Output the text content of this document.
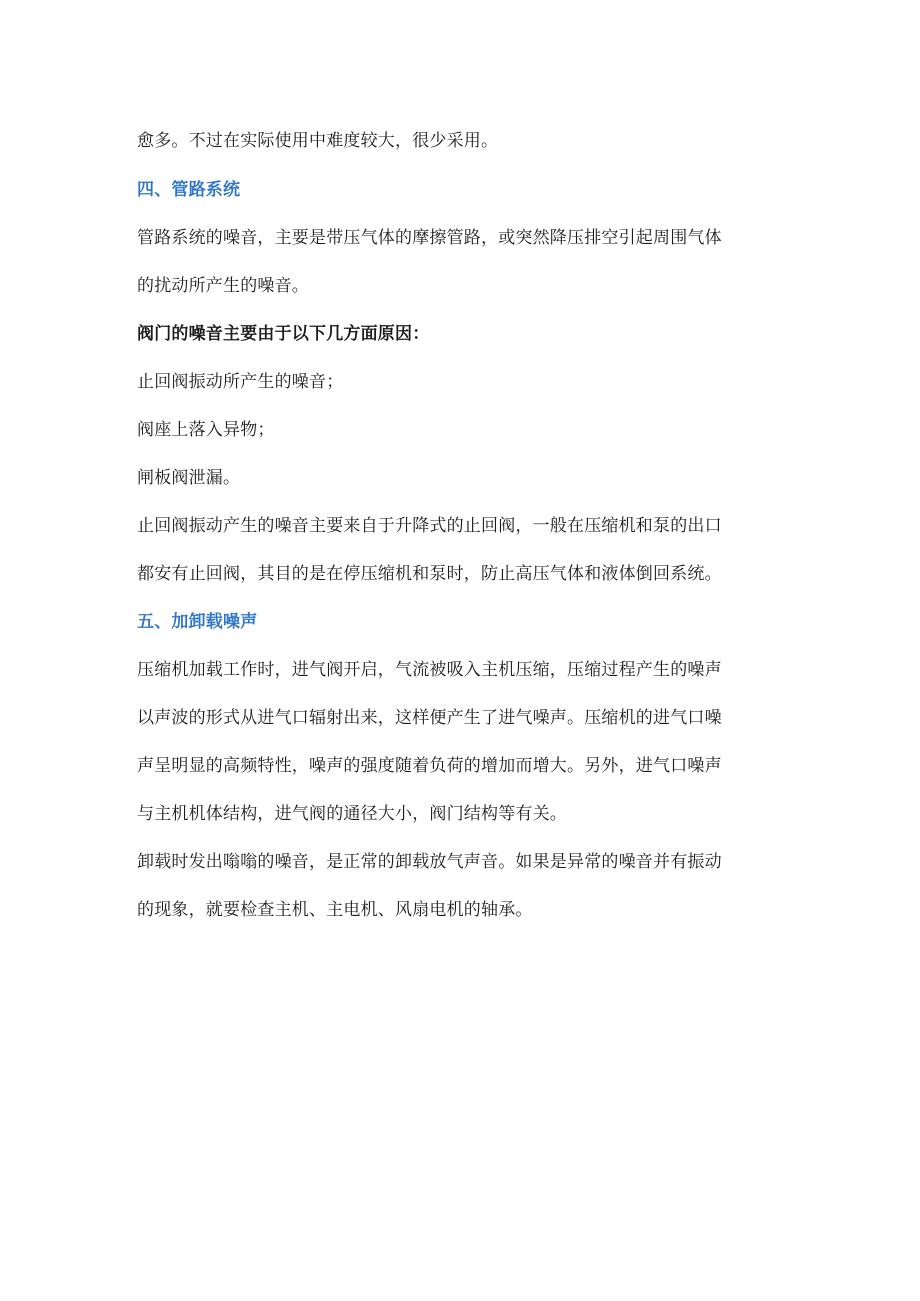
愈多。不过在实际使用中难度较大，很少采用。
四、管路系统
管路系统的噪音，主要是带压气体的摩擦管路，或突然降压排空引起周围气体
的扰动所产生的噪音。
阀门的噪音主要由于以下几方面原因：
止回阀振动所产生的噪音；
阀座上落入异物；
闸板阀泄漏。
止回阀振动产生的噪音主要来自于升降式的止回阀，一般在压缩机和泵的出口
都安有止回阀，其目的是在停压缩机和泵时，防止高压气体和液体倒回系统。
五、加卸载噪声
压缩机加载工作时，进气阀开启，气流被吸入主机压缩，压缩过程产生的噪声
以声波的形式从进气口辐射出来，这样便产生了进气噪声。压缩机的进气口噪
声呈明显的高频特性，噪声的强度随着负荷的增加而增大。另外，进气口噪声
与主机机体结构，进气阀的通径大小，阀门结构等有关。
卸载时发出嗡嗡的噪音，是正常的卸载放气声音。如果是异常的噪音并有振动
的现象，就要检查主机、主电机、风扇电机的轴承。
